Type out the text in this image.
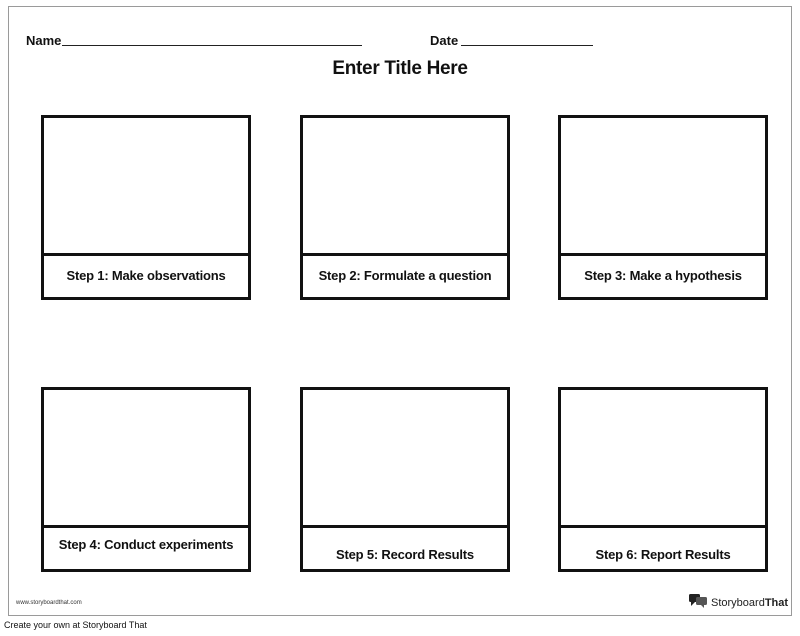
Name	Date
Enter Title Here
Step 1: Make observations	Step 2: Formulate a question	Step 3: Make a hypothesis
Step 4: Conduct experiments
Step 5: Record Results	Step 6: Report Results
www.storyboardthat.com	StoryboardThat
Create your own at Storyboard That
